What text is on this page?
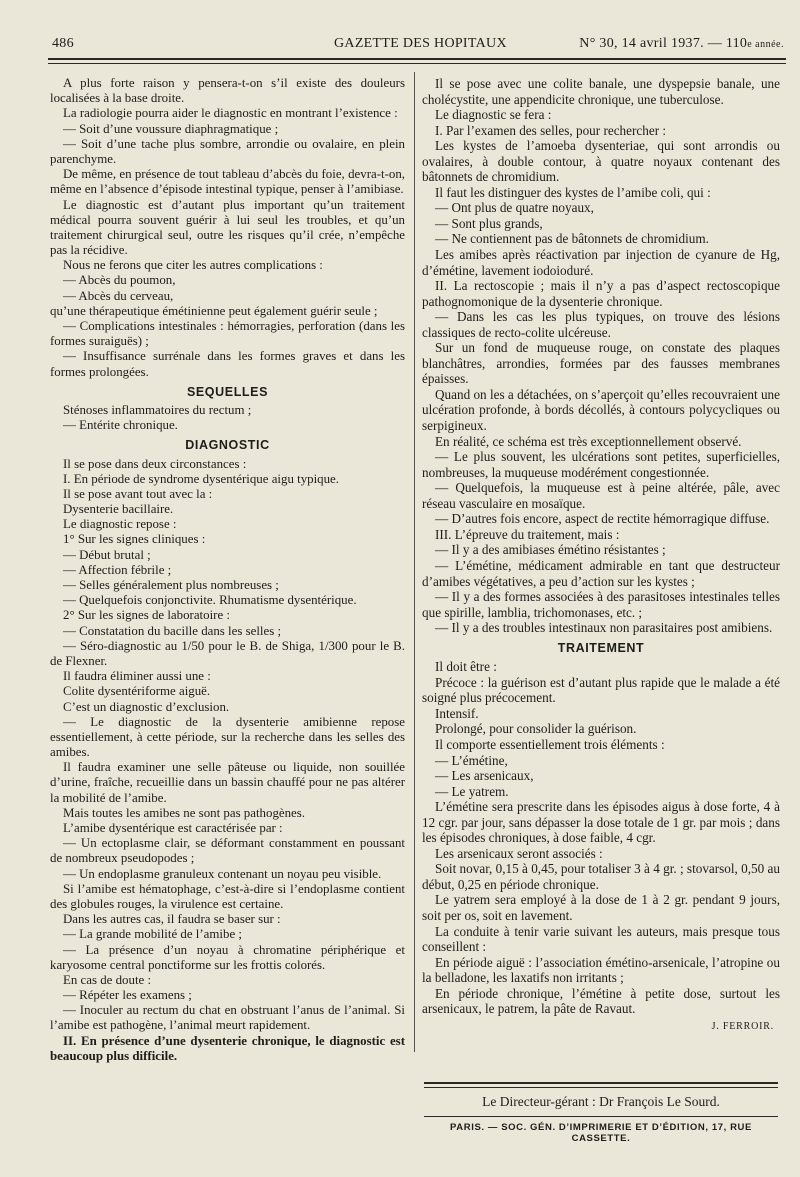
486	GAZETTE DES HOPITAUX	N° 30, 14 avril 1937. — 110e année.

A plus forte raison y pensera-t-on s’il existe des douleurs localisées à la base droite.

La radiologie pourra aider le diagnostic en montrant l’existence :

— Soit d’une voussure diaphragmatique ;

— Soit d’une tache plus sombre, arrondie ou ovalaire, en plein parenchyme.

De même, en présence de tout tableau d’abcès du foie, devra-t-on, même en l’absence d’épisode intestinal typique, penser à l’amibiase.

Le diagnostic est d’autant plus important qu’un traitement médical pourra souvent guérir à lui seul les troubles, et qu’un traitement chirurgical seul, outre les risques qu’il crée, n’empêche pas la récidive.

Nous ne ferons que citer les autres complications :

— Abcès du poumon,

— Abcès du cerveau,

qu’une thérapeutique émétinienne peut également guérir seule ;

— Complications intestinales : hémorragies, perforation (dans les formes suraiguës) ;

— Insuffisance surrénale dans les formes graves et dans les formes prolongées.

SEQUELLES

Sténoses inflammatoires du rectum ;

— Entérite chronique.

DIAGNOSTIC

Il se pose dans deux circonstances :

I. En période de syndrome dysentérique aigu typique.

Il se pose avant tout avec la :

Dysenterie bacillaire.

Le diagnostic repose :

1° Sur les signes cliniques :

— Début brutal ;

— Affection fébrile ;

— Selles généralement plus nombreuses ;

— Quelquefois conjonctivite. Rhumatisme dysentérique.

2° Sur les signes de laboratoire :

— Constatation du bacille dans les selles ;

— Séro-diagnostic au 1/50 pour le B. de Shiga, 1/300 pour le B. de Flexner.

Il faudra éliminer aussi une :

Colite dysentériforme aiguë.

C’est un diagnostic d’exclusion.

— Le diagnostic de la dysenterie amibienne repose essentiellement, à cette période, sur la recherche dans les selles des amibes.

Il faudra examiner une selle pâteuse ou liquide, non souillée d’urine, fraîche, recueillie dans un bassin chauffé pour ne pas altérer la mobilité de l’amibe.

Mais toutes les amibes ne sont pas pathogènes.

L’amibe dysentérique est caractérisée par :

— Un ectoplasme clair, se déformant constamment en poussant de nombreux pseudopodes ;

— Un endoplasme granuleux contenant un noyau peu visible.

Si l’amibe est hématophage, c’est-à-dire si l’endoplasme contient des globules rouges, la virulence est certaine.

Dans les autres cas, il faudra se baser sur :

— La grande mobilité de l’amibe ;

— La présence d’un noyau à chromatine périphérique et karyosome central ponctiforme sur les frottis colorés.

En cas de doute :

— Répéter les examens ;

— Inoculer au rectum du chat en obstruant l’anus de l’animal. Si l’amibe est pathogène, l’animal meurt rapidement.

II. En présence d’une dysenterie chronique, le diagnostic est beaucoup plus difficile.

Il se pose avec une colite banale, une dyspepsie banale, une cholécystite, une appendicite chronique, une tuberculose.

Le diagnostic se fera :

I. Par l’examen des selles, pour rechercher :

Les kystes de l’amoeba dysenteriae, qui sont arrondis ou ovalaires, à double contour, à quatre noyaux contenant des bâtonnets de chromidium.

Il faut les distinguer des kystes de l’amibe coli, qui :

— Ont plus de quatre noyaux,

— Sont plus grands,

— Ne contiennent pas de bâtonnets de chromidium.

Les amibes après réactivation par injection de cyanure de Hg, d’émétine, lavement iodoioduré.

II. La rectoscopie ; mais il n’y a pas d’aspect rectoscopique pathognomonique de la dysenterie chronique.

— Dans les cas les plus typiques, on trouve des lésions classiques de recto-colite ulcéreuse.

Sur un fond de muqueuse rouge, on constate des plaques blanchâtres, arrondies, formées par des fausses membranes épaisses.

Quand on les a détachées, on s’aperçoit qu’elles recouvraient une ulcération profonde, à bords décollés, à contours polycycliques ou serpigineux.

En réalité, ce schéma est très exceptionnellement observé.

— Le plus souvent, les ulcérations sont petites, superficielles, nombreuses, la muqueuse modérément congestionnée.

— Quelquefois, la muqueuse est à peine altérée, pâle, avec réseau vasculaire en mosaïque.

— D’autres fois encore, aspect de rectite hémorragique diffuse.

III. L’épreuve du traitement, mais :

— Il y a des amibiases émétino résistantes ;

— L’émétine, médicament admirable en tant que destructeur d’amibes végétatives, a peu d’action sur les kystes ;

— Il y a des formes associées à des parasitoses intestinales telles que spirille, lamblia, trichomonases, etc. ;

— Il y a des troubles intestinaux non parasitaires post amibiens.

TRAITEMENT

Il doit être :

Précoce : la guérison est d’autant plus rapide que le malade a été soigné plus précocement.

Intensif.

Prolongé, pour consolider la guérison.

Il comporte essentiellement trois éléments :

— L’émétine,

— Les arsenicaux,

— Le yatrem.

L’émétine sera prescrite dans les épisodes aigus à dose forte, 4 à 12 cgr. par jour, sans dépasser la dose totale de 1 gr. par mois ; dans les épisodes chroniques, à dose faible, 4 cgr.

Les arsenicaux seront associés :

Soit novar, 0,15 à 0,45, pour totaliser 3 à 4 gr. ; stovarsol, 0,50 au début, 0,25 en période chronique.

Le yatrem sera employé à la dose de 1 à 2 gr. pendant 9 jours, soit per os, soit en lavement.

La conduite à tenir varie suivant les auteurs, mais presque tous conseillent :

En période aiguë : l’association émétino-arsenicale, l’atropine ou la belladone, les laxatifs non irritants ;

En période chronique, l’émétine à petite dose, surtout les arsenicaux, le patrem, la pâte de Ravaut.

J. FERROIR.

Le Directeur-gérant : Dr François Le Sourd.
PARIS. — SOC. GÉN. D’IMPRIMERIE ET D’ÉDITION, 17, RUE CASSETTE.
